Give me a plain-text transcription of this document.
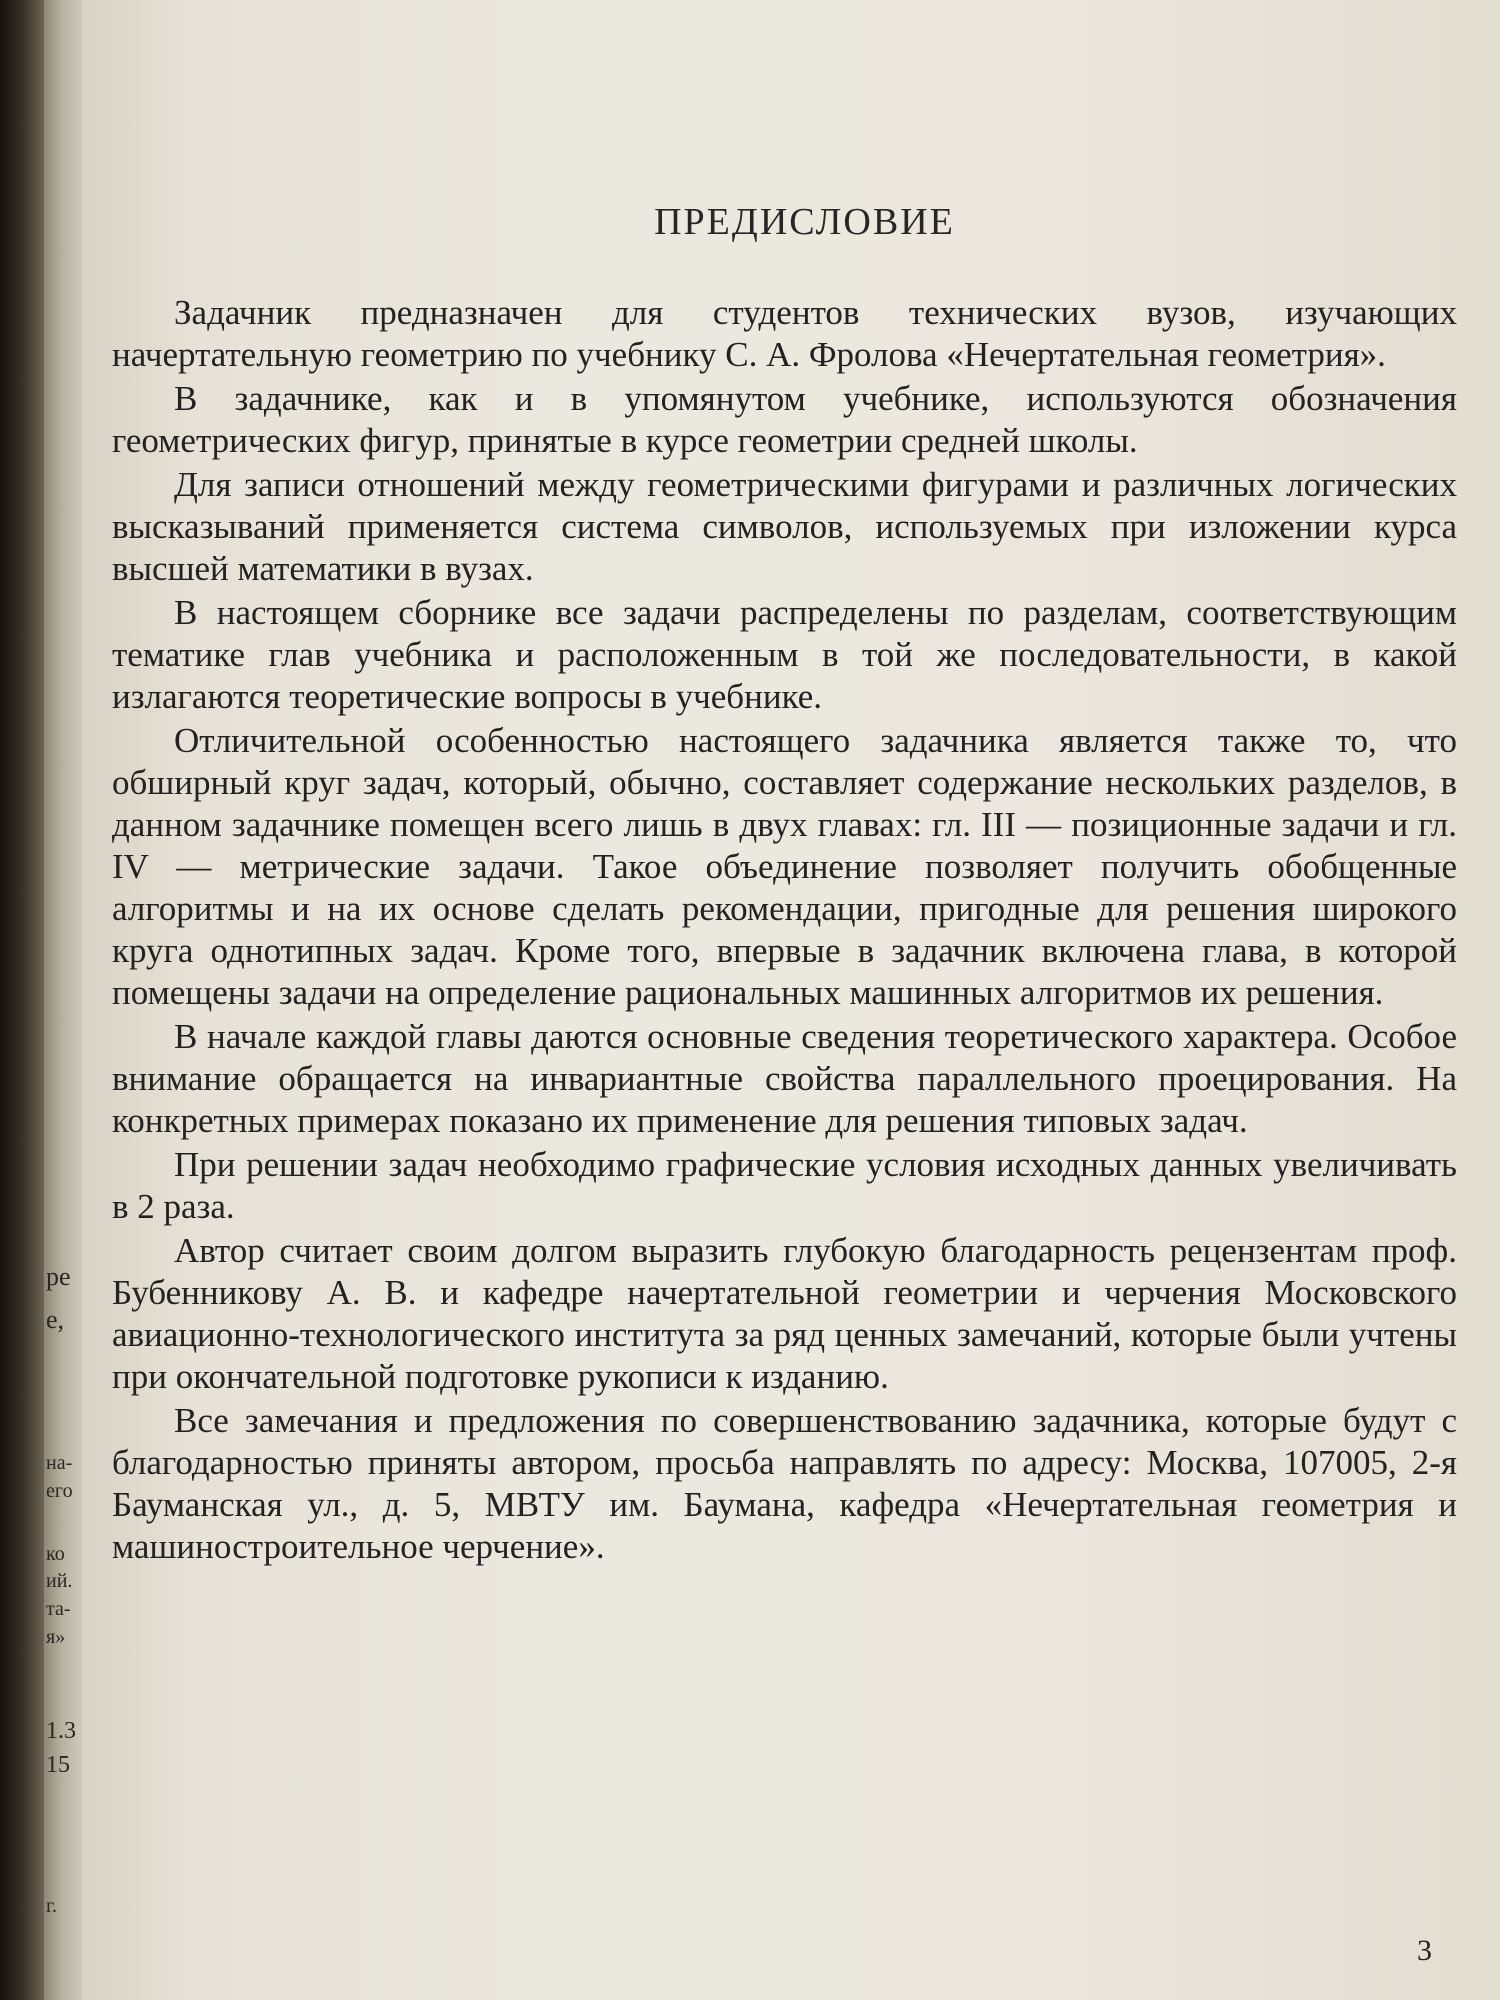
ре
е,
на-
его
ко
ий.
та-
я»
1.3
15
г.
ПРЕДИСЛОВИЕ

Задачник предназначен для студентов технических вузов, изучающих начертательную геометрию по учебнику С. А. Фролова «Нечертательная геометрия».

В задачнике, как и в упомянутом учебнике, используются обозначения геометрических фигур, принятые в курсе геометрии средней школы.

Для записи отношений между геометрическими фигурами и различных логических высказываний применяется система символов, используемых при изложении курса высшей математики в вузах.

В настоящем сборнике все задачи распределены по разделам, соответствующим тематике глав учебника и расположенным в той же последовательности, в какой излагаются теоретические вопросы в учебнике.

Отличительной особенностью настоящего задачника является также то, что обширный круг задач, который, обычно, составляет содержание нескольких разделов, в данном задачнике помещен всего лишь в двух главах: гл. III — позиционные задачи и гл. IV — метрические задачи. Такое объединение позволяет получить обобщенные алгоритмы и на их основе сделать рекомендации, пригодные для решения широкого круга однотипных задач. Кроме того, впервые в задачник включена глава, в которой помещены задачи на определение рациональных машинных алгоритмов их решения.

В начале каждой главы даются основные сведения теоретического характера. Особое внимание обращается на инвариантные свойства параллельного проецирования. На конкретных примерах показано их применение для решения типовых задач.

При решении задач необходимо графические условия исходных данных увеличивать в 2 раза.

Автор считает своим долгом выразить глубокую благодарность рецензентам проф. Бубенникову А. В. и кафедре начертательной геометрии и черчения Московского авиационно-технологического института за ряд ценных замечаний, которые были учтены при окончательной подготовке рукописи к изданию.

Все замечания и предложения по совершенствованию задачника, которые будут с благодарностью приняты автором, просьба направлять по адресу: Москва, 107005, 2-я Бауманская ул., д. 5, МВТУ им. Баумана, кафедра «Нечертательная геометрия и машиностроительное черчение».

3
